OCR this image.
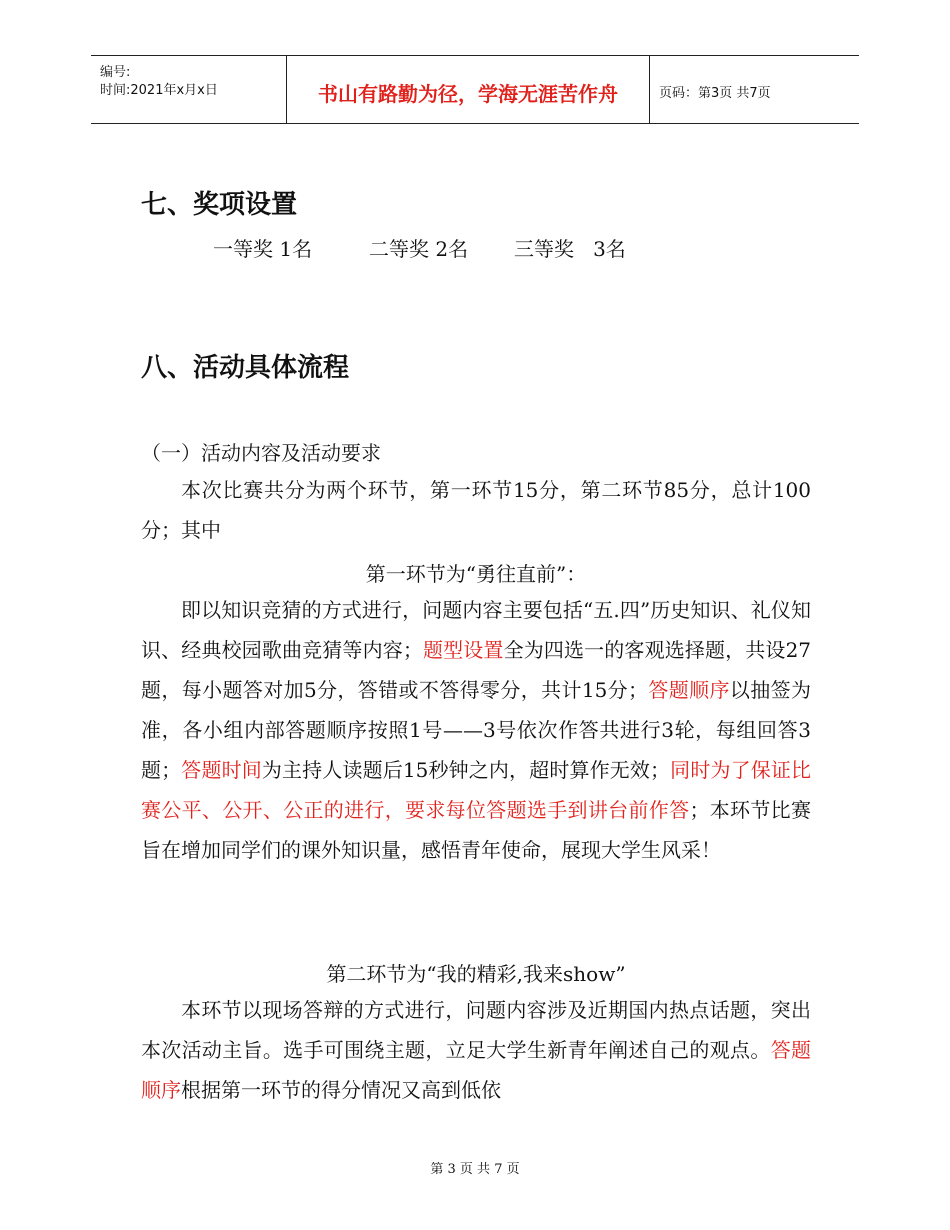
编号:
时间:2021年x月x日	书山有路勤为径，学海无涯苦作舟	页码：第3页 共7页
七、奖项设置
一等奖 1名	二等奖 2名 三等奖 3名
八、活动具体流程
（一）活动内容及活动要求
本次比赛共分为两个环节，第一环节15分，第二环节85分，总计100分；其中
第一环节为“勇往直前”：
即以知识竞猜的方式进行，问题内容主要包括“五.四”历史知识、礼仪知识、经典校园歌曲竞猜等内容；题型设置全为四选一的客观选择题，共设27题，每小题答对加5分，答错或不答得零分，共计15分；答题顺序以抽签为准，各小组内部答题顺序按照1号——3号依次作答共进行3轮，每组回答3题；答题时间为主持人读题后15秒钟之内，超时算作无效；同时为了保证比赛公平、公开、公正的进行，要求每位答题选手到讲台前作答；本环节比赛旨在增加同学们的课外知识量，感悟青年使命，展现大学生风采！
第二环节为“我的精彩,我来show”
本环节以现场答辩的方式进行，问题内容涉及近期国内热点话题，突出本次活动主旨。选手可围绕主题，立足大学生新青年阐述自己的观点。答题顺序根据第一环节的得分情况又高到低依
第 3 页 共 7 页
